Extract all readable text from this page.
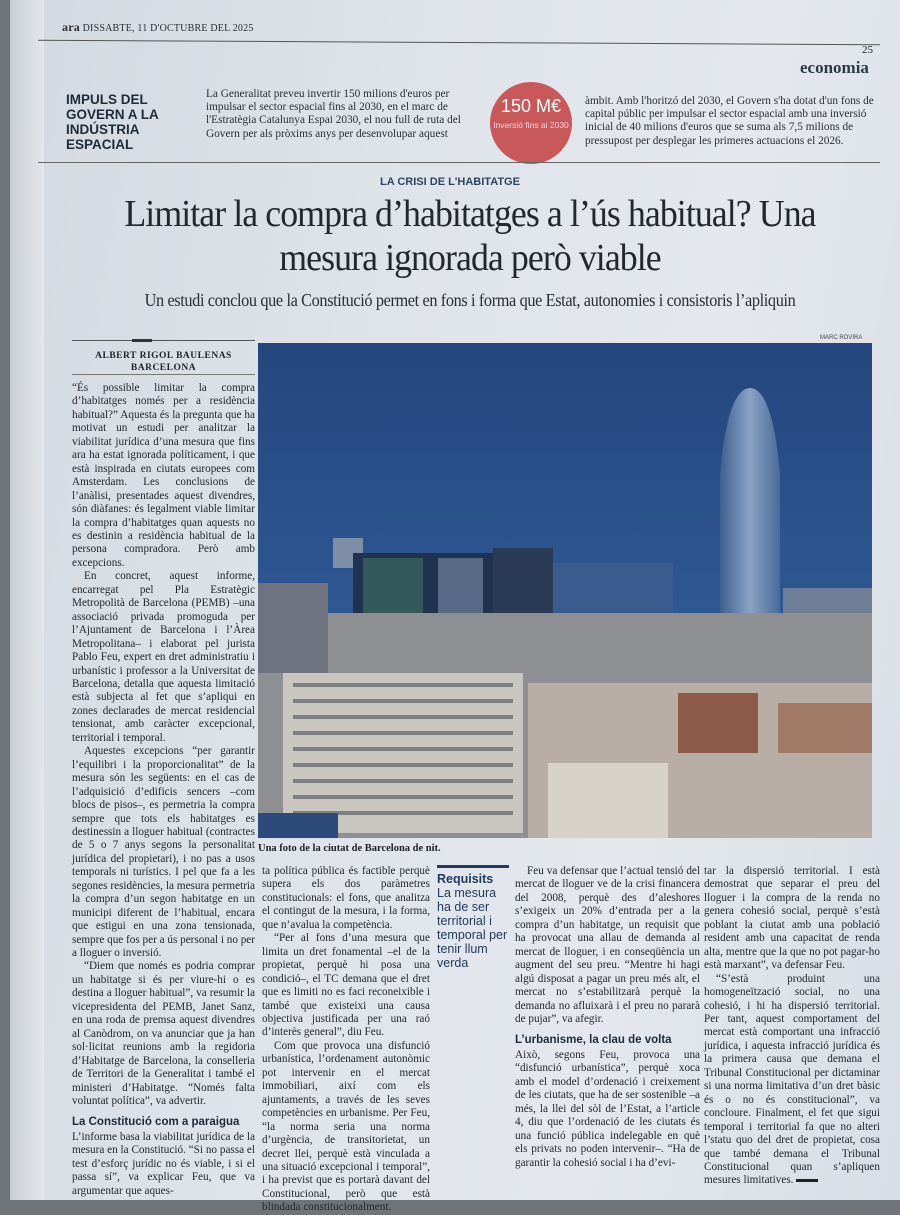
ara DISSABTE, 11 D'OCTUBRE DEL 2025
25
economia
IMPULS DEL GOVERN A LA INDÚSTRIA ESPACIAL
La Generalitat preveu invertir 150 milions d'euros per impulsar el sector espacial fins al 2030, en el marc de l'Estratègia Catalunya Espai 2030, el nou full de ruta del Govern per als pròxims anys per desenvolupar aquest
150 M€
Inversió fins al 2030
àmbit. Amb l'horitzó del 2030, el Govern s'ha dotat d'un fons de capital públic per impulsar el sector espacial amb una inversió inicial de 40 milions d'euros que se suma als 7,5 milions de pressupost per desplegar les primeres actuacions el 2026.
LA CRISI DE L'HABITATGE
Limitar la compra d’habitatges a l’ús habitual? Una mesura ignorada però viable
Un estudi conclou que la Constitució permet en fons i forma que Estat, autonomies i consistoris l’apliquin
ALBERT RIGOL BAULENAS
BARCELONA

“És possible limitar la compra d’habitatges només per a residència habitual?” Aquesta és la pregunta que ha motivat un estudi per analitzar la viabilitat jurídica d’una mesura que fins ara ha estat ignorada políticament, i que està inspirada en ciutats europees com Amsterdam. Les conclusions de l’anàlisi, presentades aquest divendres, són diàfanes: és legalment viable limitar la compra d’habitatges quan aquests no es destinin a residència habitual de la persona compradora. Però amb excepcions.

En concret, aquest informe, encarregat pel Pla Estratègic Metropolità de Barcelona (PEMB) –una associació privada promoguda per l’Ajuntament de Barcelona i l’Àrea Metropolitana– i elaborat pel jurista Pablo Feu, expert en dret administratiu i urbanístic i professor a la Universitat de Barcelona, detalla que aquesta limitació està subjecta al fet que s’apliqui en zones declarades de mercat residencial tensionat, amb caràcter excepcional, territorial i temporal.

Aquestes excepcions “per garantir l’equilibri i la proporcionalitat” de la mesura són les següents: en el cas de l’adquisició d’edificis sencers –com blocs de pisos–, es permetria la compra sempre que tots els habitatges es destinessin a lloguer habitual (contractes de 5 o 7 anys segons la personalitat jurídica del propietari), i no pas a usos temporals ni turístics. I pel que fa a les segones residències, la mesura permetria la compra d’un segon habitatge en un municipi diferent de l’habitual, encara que estigui en una zona tensionada, sempre que fos per a ús personal i no per a lloguer o inversió.

“Diem que només es podria comprar un habitatge si és per viure-hi o es destina a lloguer habitual”, va resumir la vicepresidenta del PEMB, Janet Sanz, en una roda de premsa aquest divendres al Canòdrom, on va anunciar que ja han sol·licitat reunions amb la regidoria d’Habitatge de Barcelona, la conselleria de Territori de la Generalitat i també el ministeri d’Habitatge. “Només falta voluntat política”, va advertir.

La Constitució com a paraigua
L’informe basa la viabilitat jurídica de la mesura en la Constitució. “Si no passa el test d’esforç jurídic no és viable, i si el passa sí”, va explicar Feu, que va argumentar que aques-
MARC ROVIRA
Una foto de la ciutat de Barcelona de nit.
ta política pública és factible perquè supera els dos paràmetres constitucionals: el fons, que analitza el contingut de la mesura, i la forma, que n’avalua la competència.

“Per al fons d’una mesura que limita un dret fonamental –el de la propietat, perquè hi posa una condició–, el TC demana que el dret que es limiti no es faci reconeixible i també que existeixi una causa objectiva justificada per una raó d’interès general”, diu Feu.

Com que provoca una disfunció urbanística, l’ordenament autonòmic pot intervenir en el mercat immobiliari, així com els ajuntaments, a través de les seves competències en urbanisme. Per Feu, “la norma seria una norma d’urgència, de transitorietat, un decret llei, perquè està vinculada a una situació excepcional i temporal”, i ha previst que es portarà davant del Constitucional, però que està blindada constitucionalment.

Requisits
La mesura ha de ser territorial i temporal per tenir llum verda

Feu va defensar que l’actual tensió del mercat de lloguer ve de la crisi financera del 2008, perquè des d’aleshores s’exigeix un 20% d’entrada per a la compra d’un habitatge, un requisit que ha provocat una allau de demanda al mercat de lloguer, i en conseqüència un augment del seu preu. “Mentre hi hagi algú disposat a pagar un preu més alt, el mercat no s’estabilitzarà perquè la demanda no afluixarà i el preu no pararà de pujar”, va afegir.

L’urbanisme, la clau de volta
Això, segons Feu, provoca una “disfunció urbanística”, perquè xoca amb el model d’ordenació i creixement de les ciutats, que ha de ser sostenible –a més, la llei del sòl de l’Estat, a l’article 4, diu que l’ordenació de les ciutats és una funció pública indelegable en què els privats no poden intervenir–. “Ha de garantir la cohesió social i ha d’evi-
tar la dispersió territorial. I està demostrat que separar el preu del lloguer i la compra de la renda no genera cohesió social, perquè s’està poblant la ciutat amb una població resident amb una capacitat de renda alta, mentre que la que no pot pagar-ho està marxant”, va defensar Feu.

“S’està produint una homogeneïtzació social, no una cohesió, i hi ha dispersió territorial. Per tant, aquest comportament del mercat està comportant una infracció jurídica, i aquesta infracció jurídica és la primera causa que demana el Tribunal Constitucional per dictaminar si una norma limitativa d’un dret bàsic és o no és constitucional”, va concloure. Finalment, el fet que sigui temporal i territorial fa que no alteri l’statu quo del dret de propietat, cosa que també demana el Tribunal Constitucional quan s’apliquen mesures limitatives.
